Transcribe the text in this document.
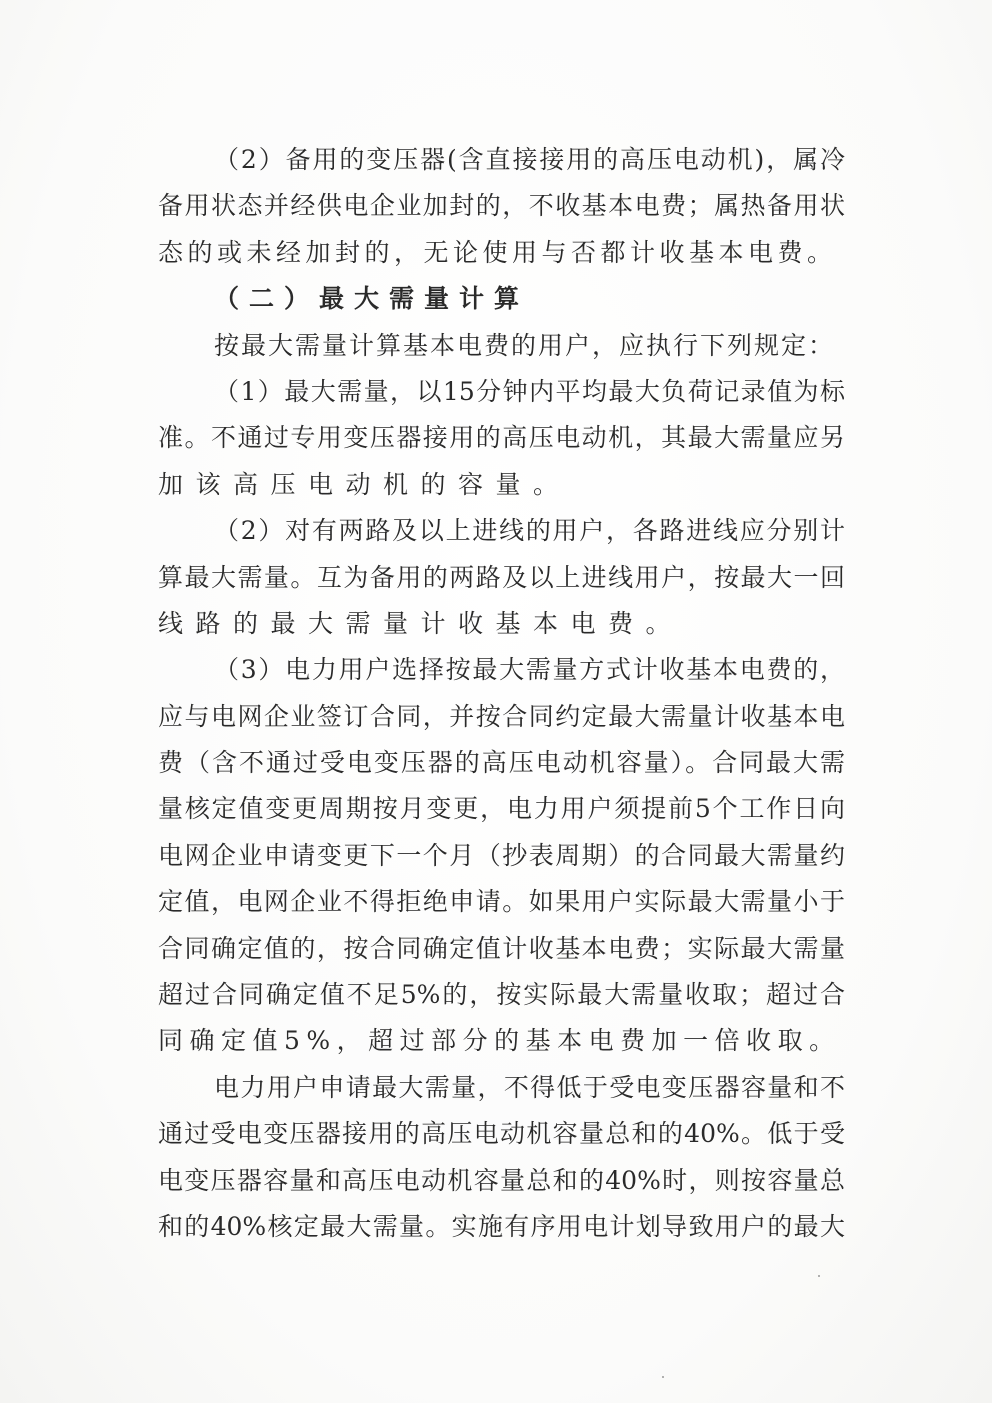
（2）备用的变压器(含直接接用的高压电动机)，属冷
备用状态并经供电企业加封的，不收基本电费；属热备用状
态的或未经加封的，无论使用与否都计收基本电费。
（二）最大需量计算
按最大需量计算基本电费的用户，应执行下列规定：
（1）最大需量，以15分钟内平均最大负荷记录值为标
准。不通过专用变压器接用的高压电动机，其最大需量应另
加该高压电动机的容量。
（2）对有两路及以上进线的用户，各路进线应分别计
算最大需量。互为备用的两路及以上进线用户，按最大一回
线路的最大需量计收基本电费。
（3）电力用户选择按最大需量方式计收基本电费的，
应与电网企业签订合同，并按合同约定最大需量计收基本电
费（含不通过受电变压器的高压电动机容量）。合同最大需
量核定值变更周期按月变更，电力用户须提前5个工作日向
电网企业申请变更下一个月（抄表周期）的合同最大需量约
定值，电网企业不得拒绝申请。如果用户实际最大需量小于
合同确定值的，按合同确定值计收基本电费；实际最大需量
超过合同确定值不足5%的，按实际最大需量收取；超过合
同确定值5%，超过部分的基本电费加一倍收取。
电力用户申请最大需量，不得低于受电变压器容量和不
通过受电变压器接用的高压电动机容量总和的40%。低于受
电变压器容量和高压电动机容量总和的40%时，则按容量总
和的40%核定最大需量。实施有序用电计划导致用户的最大
